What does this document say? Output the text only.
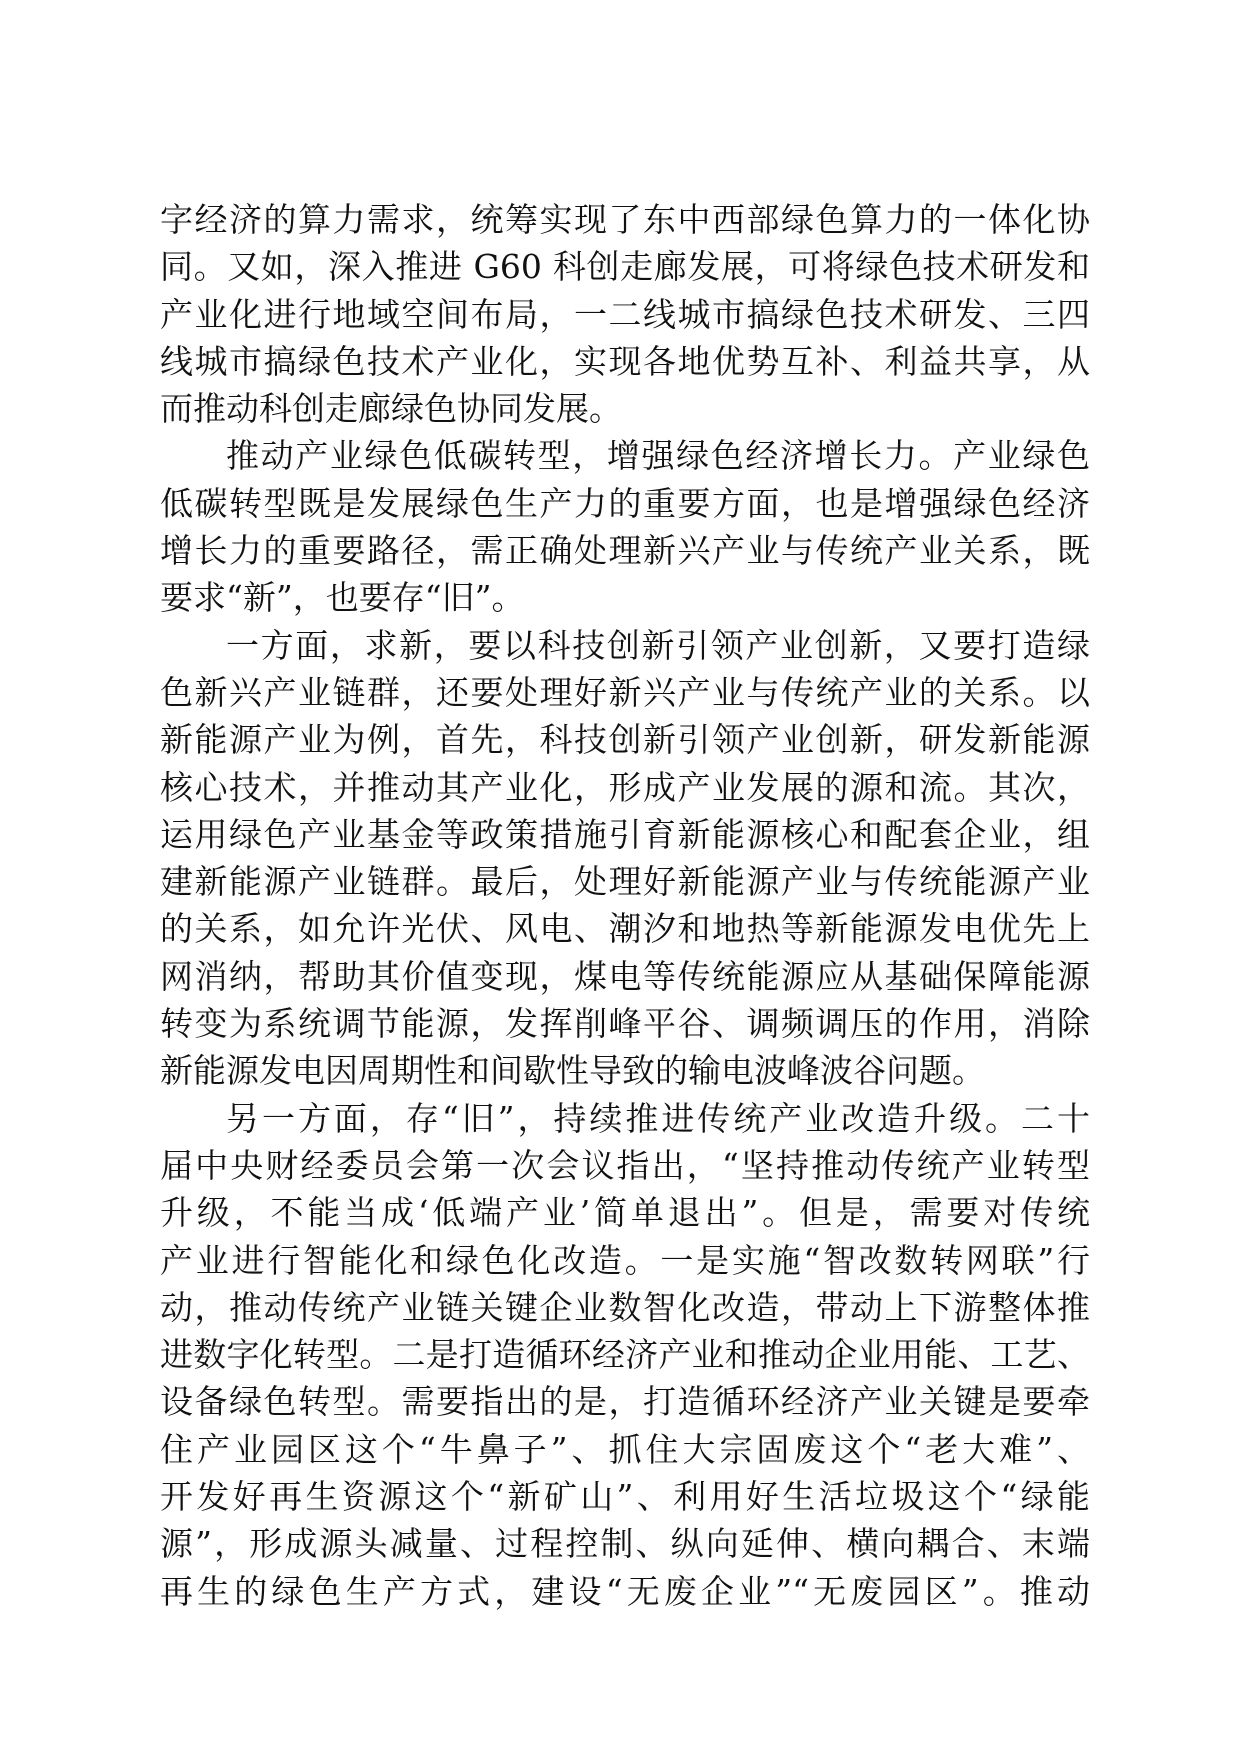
字经济的算力需求，统筹实现了东中西部绿色算力的一体化协
同。又如，深入推进 G60 科创走廊发展，可将绿色技术研发和
产业化进行地域空间布局，一二线城市搞绿色技术研发、三四
线城市搞绿色技术产业化，实现各地优势互补、利益共享，从
而推动科创走廊绿色协同发展。
推动产业绿色低碳转型，增强绿色经济增长力。产业绿色
低碳转型既是发展绿色生产力的重要方面，也是增强绿色经济
增长力的重要路径，需正确处理新兴产业与传统产业关系，既
要求“新”，也要存“旧”。
一方面，求新，要以科技创新引领产业创新，又要打造绿
色新兴产业链群，还要处理好新兴产业与传统产业的关系。以
新能源产业为例，首先，科技创新引领产业创新，研发新能源
核心技术，并推动其产业化，形成产业发展的源和流。其次，
运用绿色产业基金等政策措施引育新能源核心和配套企业，组
建新能源产业链群。最后，处理好新能源产业与传统能源产业
的关系，如允许光伏、风电、潮汐和地热等新能源发电优先上
网消纳，帮助其价值变现，煤电等传统能源应从基础保障能源
转变为系统调节能源，发挥削峰平谷、调频调压的作用，消除
新能源发电因周期性和间歇性导致的输电波峰波谷问题。
另一方面，存“旧”，持续推进传统产业改造升级。二十
届中央财经委员会第一次会议指出，“坚持推动传统产业转型
升级，不能当成‘低端产业’简单退出”。但是，需要对传统
产业进行智能化和绿色化改造。一是实施“智改数转网联”行
动，推动传统产业链关键企业数智化改造，带动上下游整体推
进数字化转型。二是打造循环经济产业和推动企业用能、工艺、
设备绿色转型。需要指出的是，打造循环经济产业关键是要牵
住产业园区这个“牛鼻子”、抓住大宗固废这个“老大难”、
开发好再生资源这个“新矿山”、利用好生活垃圾这个“绿能
源”，形成源头减量、过程控制、纵向延伸、横向耦合、末端
再生的绿色生产方式，建设“无废企业”“无废园区”。推动
